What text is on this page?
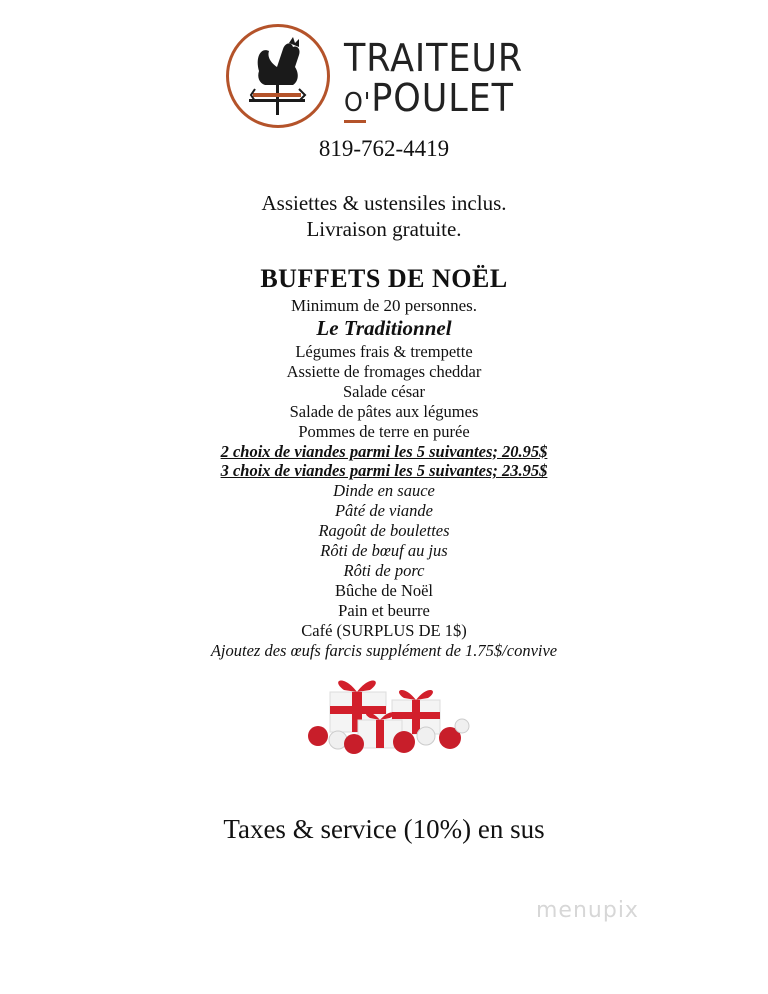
TRAITEUR
O'POULET
819-762-4419
Assiettes & ustensiles inclus.
Livraison gratuite.
BUFFETS DE NOËL
Minimum de 20 personnes.
Le Traditionnel
Légumes frais & trempette
Assiette de fromages cheddar
Salade césar
Salade de pâtes aux légumes
Pommes de terre en purée
2 choix de viandes parmi les 5 suivantes; 20.95$
3 choix de viandes parmi les 5 suivantes; 23.95$
Dinde en sauce
Pâté de viande
Ragoût de boulettes
Rôti de bœuf au jus
Rôti de porc
Bûche de Noël
Pain et beurre
Café (SURPLUS DE 1$)
Ajoutez des œufs farcis supplément de 1.75$/convive
Taxes & service (10%) en sus
menupix
